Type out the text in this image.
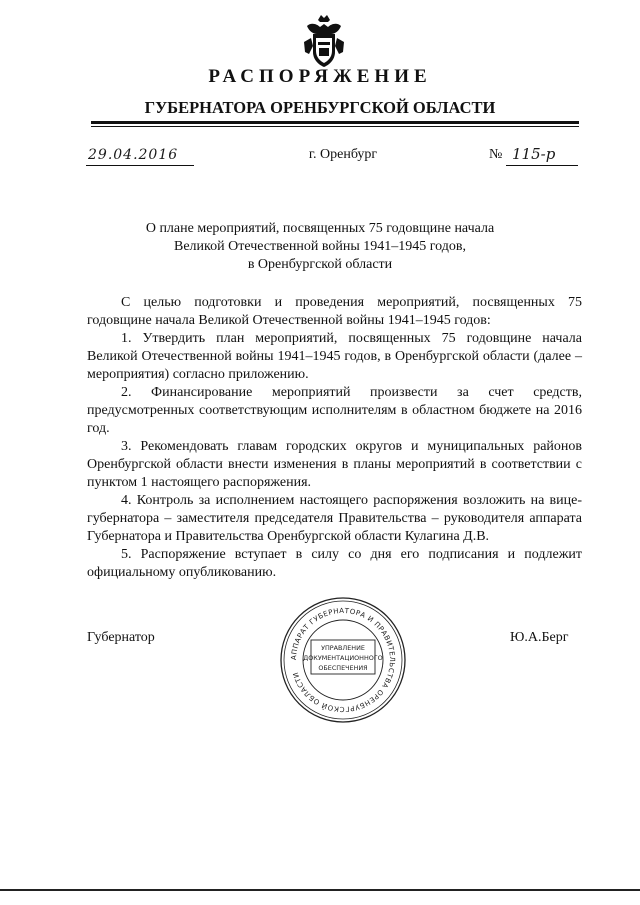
РАСПОРЯЖЕНИЕ
ГУБЕРНАТОРА ОРЕНБУРГСКОЙ ОБЛАСТИ
29.04.2016	г. Оренбург	№ 115-р
О плане мероприятий, посвященных 75 годовщине начала
Великой Отечественной войны 1941–1945 годов,
в Оренбургской области

С целью подготовки и проведения мероприятий, посвященных 75 годовщине начала Великой Отечественной войны 1941–1945 годов:

1. Утвердить план мероприятий, посвященных 75 годовщине начала Великой Отечественной войны 1941–1945 годов, в Оренбургской области (далее – мероприятия) согласно приложению.

2. Финансирование мероприятий произвести за счет средств, предусмотренных соответствующим исполнителям в областном бюджете на 2016 год.

3. Рекомендовать главам городских округов и муниципальных районов Оренбургской области внести изменения в планы мероприятий в соответствии с пунктом 1 настоящего распоряжения.

4. Контроль за исполнением настоящего распоряжения возложить на вице-губернатора – заместителя председателя Правительства – руководителя аппарата Губернатора и Правительства Оренбургской области Кулагина Д.В.

5. Распоряжение вступает в силу со дня его подписания и подлежит официальному опубликованию.

Губернатор	Ю.А.Берг
АППАРАТ ГУБЕРНАТОРА И ПРАВИТЕЛЬСТВА ОРЕНБУРГСКОЙ ОБЛАСТИ
УПРАВЛЕНИЕ
ДОКУМЕНТАЦИОННОГО
ОБЕСПЕЧЕНИЯ
